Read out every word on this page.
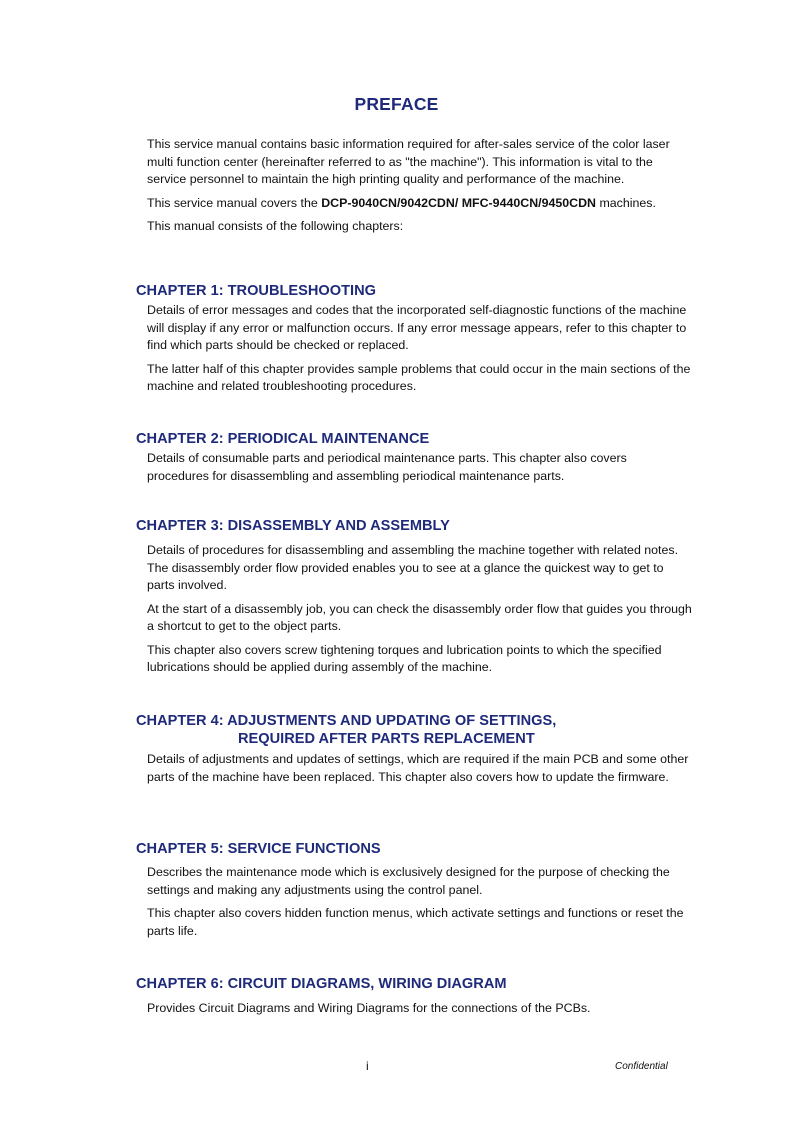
PREFACE

This service manual contains basic information required for after-sales service of the color laser multi function center (hereinafter referred to as "the machine"). This information is vital to the service personnel to maintain the high printing quality and performance of the machine.

This service manual covers the DCP-9040CN/9042CDN/ MFC-9440CN/9450CDN machines.

This manual consists of the following chapters:

CHAPTER 1: TROUBLESHOOTING

Details of error messages and codes that the incorporated self-diagnostic functions of the machine will display if any error or malfunction occurs. If any error message appears, refer to this chapter to find which parts should be checked or replaced.

The latter half of this chapter provides sample problems that could occur in the main sections of the machine and related troubleshooting procedures.

CHAPTER 2: PERIODICAL MAINTENANCE

Details of consumable parts and periodical maintenance parts. This chapter also covers procedures for disassembling and assembling periodical maintenance parts.

CHAPTER 3: DISASSEMBLY AND ASSEMBLY

Details of procedures for disassembling and assembling the machine together with related notes. The disassembly order flow provided enables you to see at a glance the quickest way to get to parts involved.

At the start of a disassembly job, you can check the disassembly order flow that guides you through a shortcut to get to the object parts.

This chapter also covers screw tightening torques and lubrication points to which the specified lubrications should be applied during assembly of the machine.

CHAPTER 4: ADJUSTMENTS AND UPDATING OF SETTINGS,
REQUIRED AFTER PARTS REPLACEMENT

Details of adjustments and updates of settings, which are required if the main PCB and some other parts of the machine have been replaced. This chapter also covers how to update the firmware.

CHAPTER 5: SERVICE FUNCTIONS

Describes the maintenance mode which is exclusively designed for the purpose of checking the settings and making any adjustments using the control panel.

This chapter also covers hidden function menus, which activate settings and functions or reset the parts life.

CHAPTER 6: CIRCUIT DIAGRAMS, WIRING DIAGRAM

Provides Circuit Diagrams and Wiring Diagrams for the connections of the PCBs.

i	Confidential
